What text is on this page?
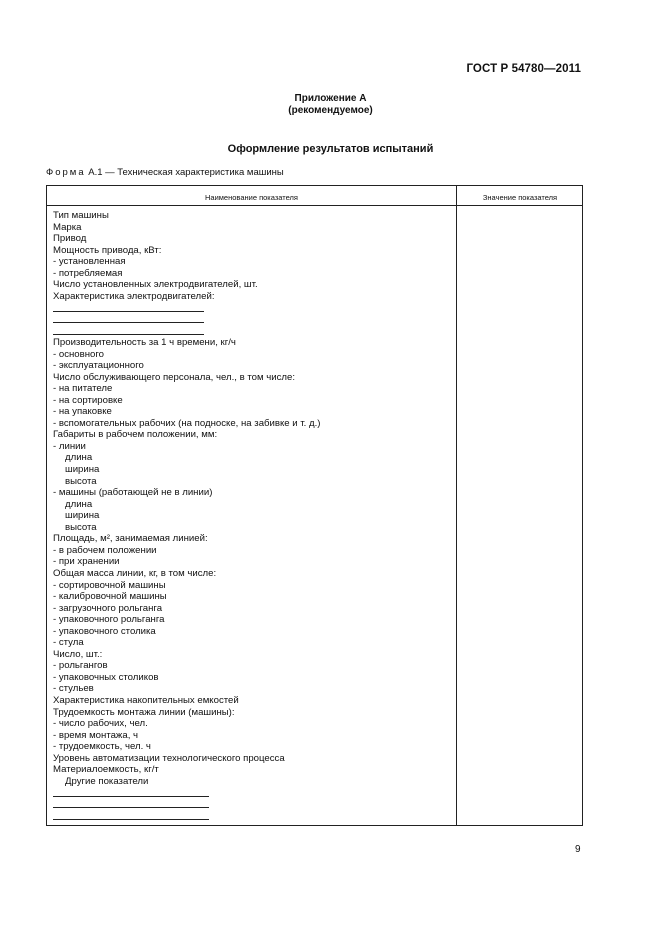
ГОСТ Р 54780—2011
Приложение А
(рекомендуемое)
Оформление результатов испытаний
Форма А.1 — Техническая характеристика машины
Наименование показателя	Значение показателя
Тип машины
Марка
Привод
Мощность привода, кВт:
- установленная
- потребляемая
Число установленных электродвигателей, шт.
Характеристика электродвигателей:
Производительность за 1 ч времени, кг/ч
- основного
- эксплуатационного
Число обслуживающего персонала, чел., в том числе:
- на питателе
- на сортировке
- на упаковке
- вспомогательных рабочих (на подноске, на забивке и т. д.)
Габариты в рабочем положении, мм:
- линии
длина
ширина
высота
- машины (работающей не в линии)
длина
ширина
высота
Площадь, м², занимаемая линией:
- в рабочем положении
- при хранении
Общая масса линии, кг, в том числе:
- сортировочной машины
- калибровочной машины
- загрузочного рольганга
- упаковочного рольганга
- упаковочного столика
- стула
Число, шт.:
- рольгангов
- упаковочных столиков
- стульев
Характеристика накопительных емкостей
Трудоемкость монтажа линии (машины):
- число рабочих, чел.
- время монтажа, ч
- трудоемкость, чел. ч
Уровень автоматизации технологического процесса
Материалоемкость, кг/т
Другие показатели
9
